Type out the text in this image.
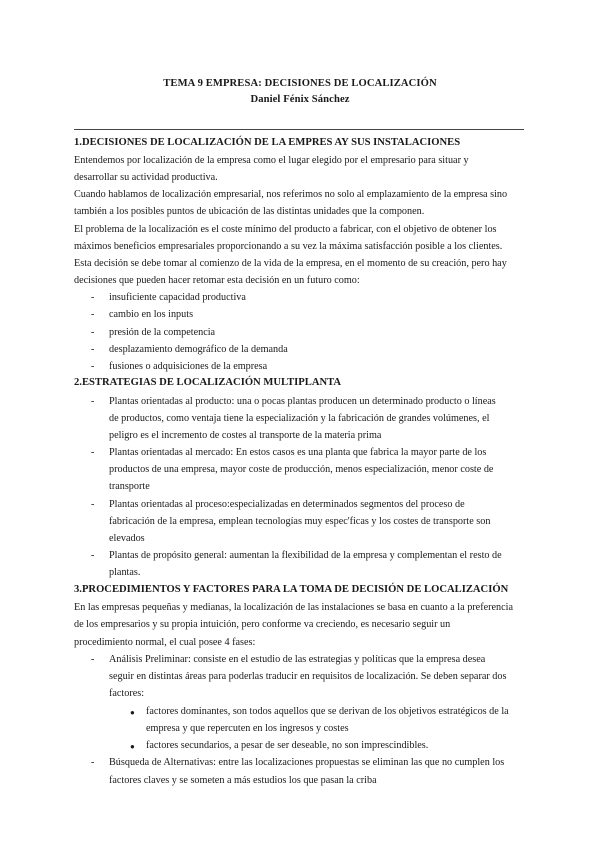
TEMA 9 EMPRESA: DECISIONES DE LOCALIZACIÓN
Daniel Fénix Sánchez
1.DECISIONES DE LOCALIZACIÓN DE LA EMPRES AY SUS INSTALACIONES
Entendemos por localización de la empresa como el lugar elegido por el empresario para situar y
desarrollar su actividad productiva.
Cuando hablamos de localización empresarial, nos referimos no solo al emplazamiento de la empresa sino
también a los posibles puntos de ubicación de las distintas unidades que la componen.
El problema de la localización es el coste mínimo del producto a fabricar, con el objetivo de obtener los
máximos beneficios empresariales proporcionando a su vez la máxima satisfacción posible a los clientes.
Esta decisión se debe tomar al comienzo de la vida de la empresa, en el momento de su creación, pero hay
decisiones que pueden hacer retomar esta decisión en un futuro como:
- insuficiente capacidad productiva
- cambio en los inputs
- presión de la competencia
- desplazamiento demográfico de la demanda
- fusiones o adquisiciones de la empresa
2.ESTRATEGIAS DE LOCALIZACIÓN MULTIPLANTA
- Plantas orientadas al producto: una o pocas plantas producen un determinado producto o líneas
de productos, como ventaja tiene la especialización y la fabricación de grandes volúmenes, el
peligro es el incremento de costes al transporte de la materia prima
- Plantas orientadas al mercado: En estos casos es una planta que fabrica la mayor parte de los
productos de una empresa, mayor coste de producción, menos especialización, menor coste de
transporte
- Plantas orientadas al proceso:especializadas en determinados segmentos del proceso de
fabricación de la empresa, emplean tecnologías muy espec'ficas y los costes de transporte son
elevados
- Plantas de propósito general: aumentan la flexibilidad de la empresa y complementan el resto de
plantas.
3.PROCEDIMIENTOS Y FACTORES PARA LA TOMA DE DECISIÓN DE LOCALIZACIÓN
En las empresas pequeñas y medianas, la localización de las instalaciones se basa en cuanto a la preferencia
de los empresarios y su propia intuición, pero conforme va creciendo, es necesario seguir un
procedimiento normal, el cual posee 4 fases:
- Análisis Preliminar: consiste en el estudio de las estrategias y políticas que la empresa desea
seguir en distintas áreas para poderlas traducir en requisitos de localización. Se deben separar dos
factores:
● factores dominantes, son todos aquellos que se derivan de los objetivos estratégicos de la
empresa y que repercuten en los ingresos y costes
● factores secundarios, a pesar de ser deseable, no son imprescindibles.
- Búsqueda de Alternativas: entre las localizaciones propuestas se eliminan las que no cumplen los
factores claves y se someten a más estudios los que pasan la criba
